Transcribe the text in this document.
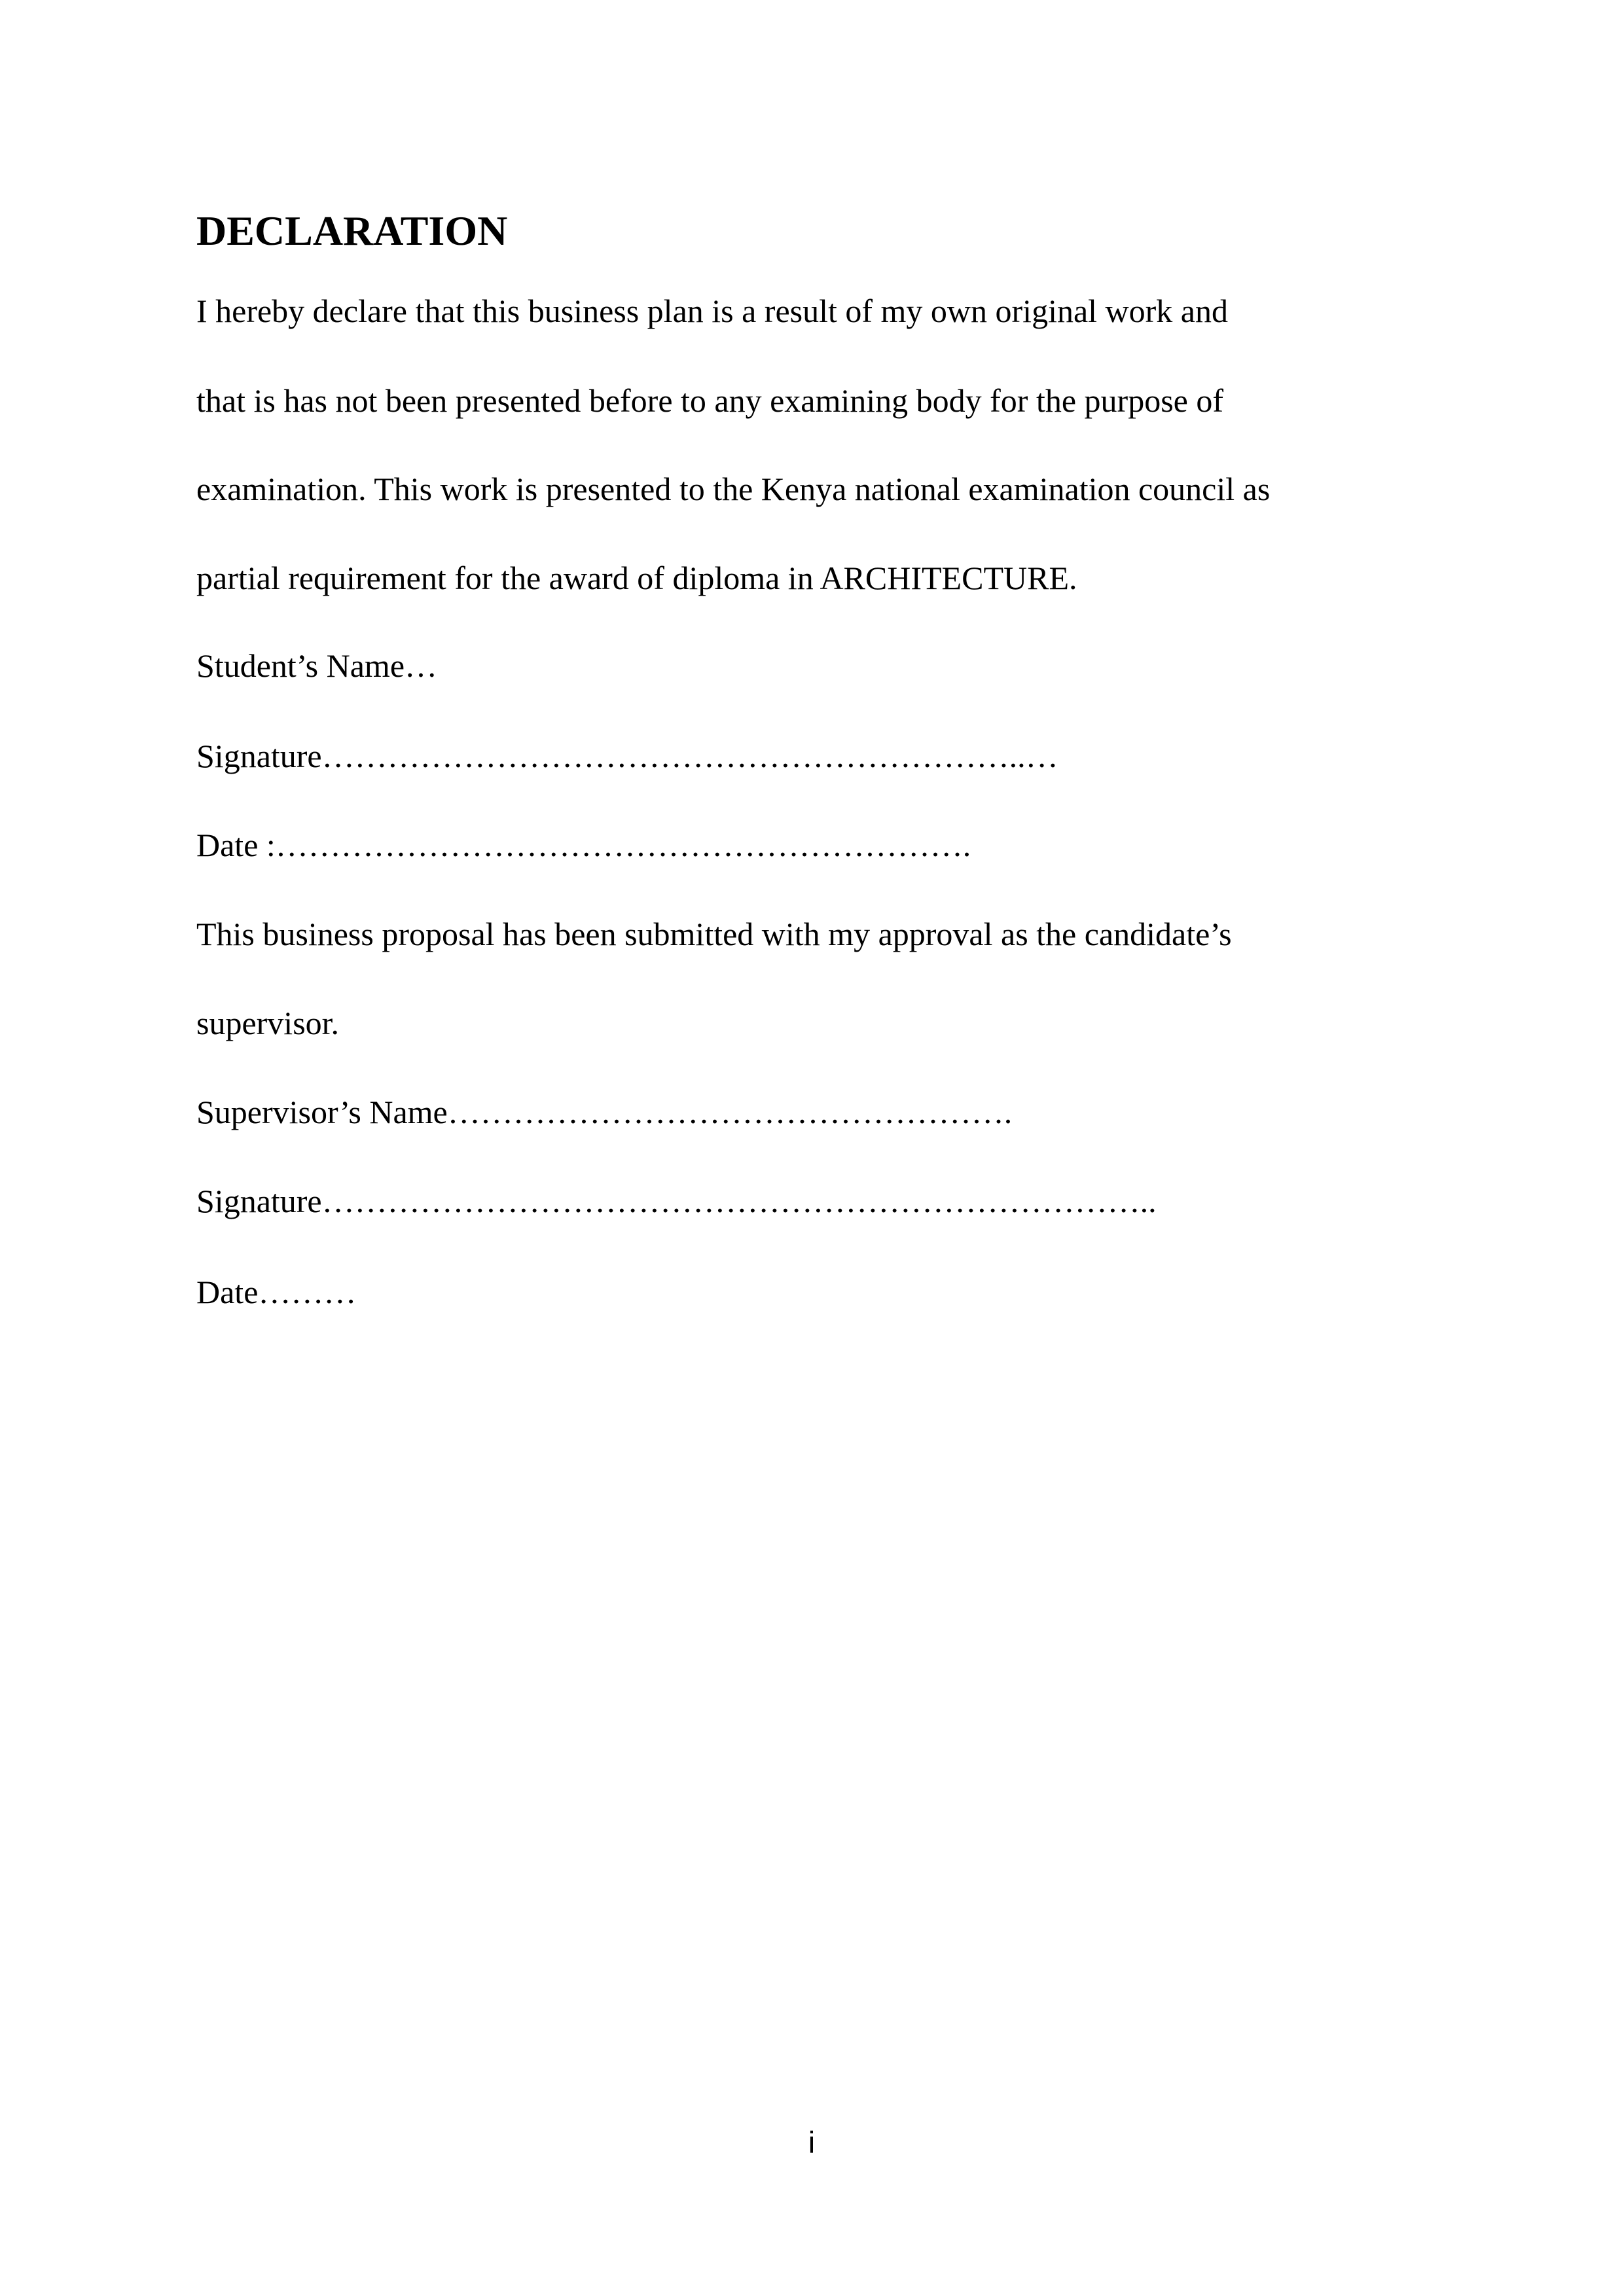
DECLARATION
I hereby declare that this business plan is a result of my own original work and
that is has not been presented before to any examining body for the purpose of
examination. This work is presented to the Kenya national examination council as
partial requirement for the award of diploma in ARCHITECTURE.
Student’s Name…
Signature………………………………………………………..…
Date :……………………………………………………….
This business proposal has been submitted with my approval as the candidate’s
supervisor.
Supervisor’s Name…………………………………………….
Signature…………………………………………………………………..
Date………
i
